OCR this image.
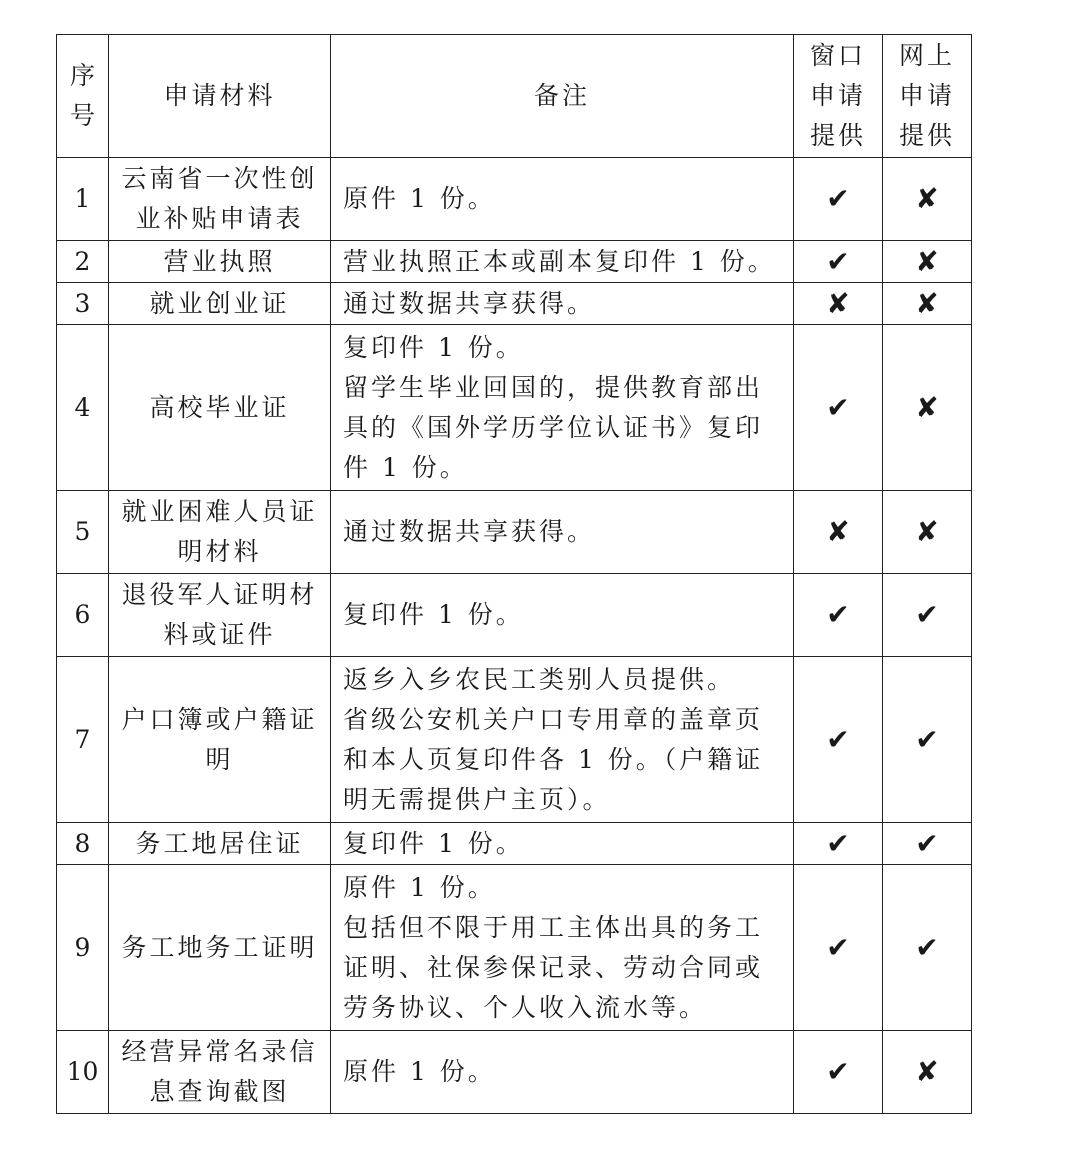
序号	申请材料	备注	窗口申请提供	网上申请提供
1	云南省一次性创业补贴申请表	原件 1 份。	✔	✘
2	营业执照	营业执照正本或副本复印件 1 份。	✔	✘
3	就业创业证	通过数据共享获得。	✘	✘
4	高校毕业证	复印件 1 份。
留学生毕业回国的，提供教育部出具的《国外学历学位认证书》复印件 1 份。	✔	✘
5	就业困难人员证明材料	通过数据共享获得。	✘	✘
6	退役军人证明材料或证件	复印件 1 份。	✔	✔
7	户口簿或户籍证明	返乡入乡农民工类别人员提供。
省级公安机关户口专用章的盖章页和本人页复印件各 1 份。（户籍证明无需提供户主页）。	✔	✔
8	务工地居住证	复印件 1 份。	✔	✔
9	务工地务工证明	原件 1 份。
包括但不限于用工主体出具的务工证明、社保参保记录、劳动合同或劳务协议、个人收入流水等。	✔	✔
10	经营异常名录信息查询截图	原件 1 份。	✔	✘
